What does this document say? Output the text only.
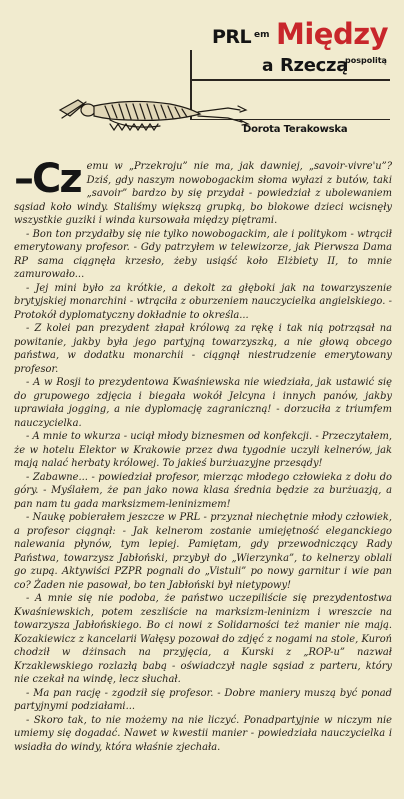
PRL em Między
a Rzeczą
pospolitą
Dorota Terakowska

–Cz emu w „Przekroju” nie ma, jak dawniej, „savoir-vivre'u”? Dziś, gdy naszym nowobogackim słoma wyłazi z butów, taki „savoir” bardzo by się przydał - powiedział z ubolewaniem sąsiad koło windy. Staliśmy większą grupką, bo blokowe dzieci wcisnęły wszystkie guziki i winda kursowała między piętrami.

- Bon ton przydałby się nie tylko nowobogackim, ale i politykom - wtrącił emerytowany profesor. - Gdy patrzyłem w telewizorze, jak Pierwsza Dama RP sama ciągnęła krzesło, żeby usiąść koło Elżbiety II, to mnie zamurowało...

- Jej mini było za krótkie, a dekolt za głęboki jak na towarzyszenie brytyjskiej monarchini - wtrąciła z oburzeniem nauczycielka angielskiego. - Protokół dyplomatyczny dokładnie to określa...

- Z kolei pan prezydent złapał królową za rękę i tak nią potrząsał na powitanie, jakby była jego partyjną towarzyszką, a nie głową obcego państwa, w dodatku monarchii - ciągnął niestrudzenie emerytowany profesor.

- A w Rosji to prezydentowa Kwaśniewska nie wiedziała, jak ustawić się do grupowego zdjęcia i biegała wokół Jelcyna i innych panów, jakby uprawiała jogging, a nie dyplomację zagraniczną! - dorzuciła z triumfem nauczycielka.

- A mnie to wkurza - uciął młody biznesmen od konfekcji. - Przeczytałem, że w hotelu Elektor w Krakowie przez dwa tygodnie uczyli kelnerów, jak mają nalać herbaty królowej. To jakieś burżuazyjne przesądy!

- Zabawne... - powiedział profesor, mierząc młodego człowieka z dołu do góry. - Myślałem, że pan jako nowa klasa średnia będzie za burżuazją, a pan nam tu gada marksizmem-leninizmem!

- Naukę pobierałem jeszcze w PRL - przyznał niechętnie młody człowiek, a profesor ciągnął: - Jak kelnerom zostanie umiejętność eleganckiego nalewania płynów, tym lepiej. Pamiętam, gdy przewodniczący Rady Państwa, towarzysz Jabłoński, przybył do „Wierzynka”, to kelnerzy oblali go zupą. Aktywiści PZPR pognali do „Vistuli” po nowy garnitur i wie pan co? Żaden nie pasował, bo ten Jabłoński był nietypowy!

- A mnie się nie podoba, że państwo uczepiliście się prezydentostwa Kwaśniewskich, potem zeszliście na marksizm-leninizm i wreszcie na towarzysza Jabłońskiego. Bo ci nowi z Solidarności też manier nie mają. Kozakiewicz z kancelarii Wałęsy pozował do zdjęć z nogami na stole, Kuroń chodził w dżinsach na przyjęcia, a Kurski z „ROP-u” nazwał Krzaklewskiego rozlazłą babą - oświadczył nagle sąsiad z parteru, który nie czekał na windę, lecz słuchał.

- Ma pan rację - zgodził się profesor. - Dobre maniery muszą być ponad partyjnymi podziałami...

- Skoro tak, to nie możemy na nie liczyć. Ponadpartyjnie w niczym nie umiemy się dogadać. Nawet w kwestii manier - powiedziała nauczycielka i wsiadła do windy, która właśnie zjechała.
